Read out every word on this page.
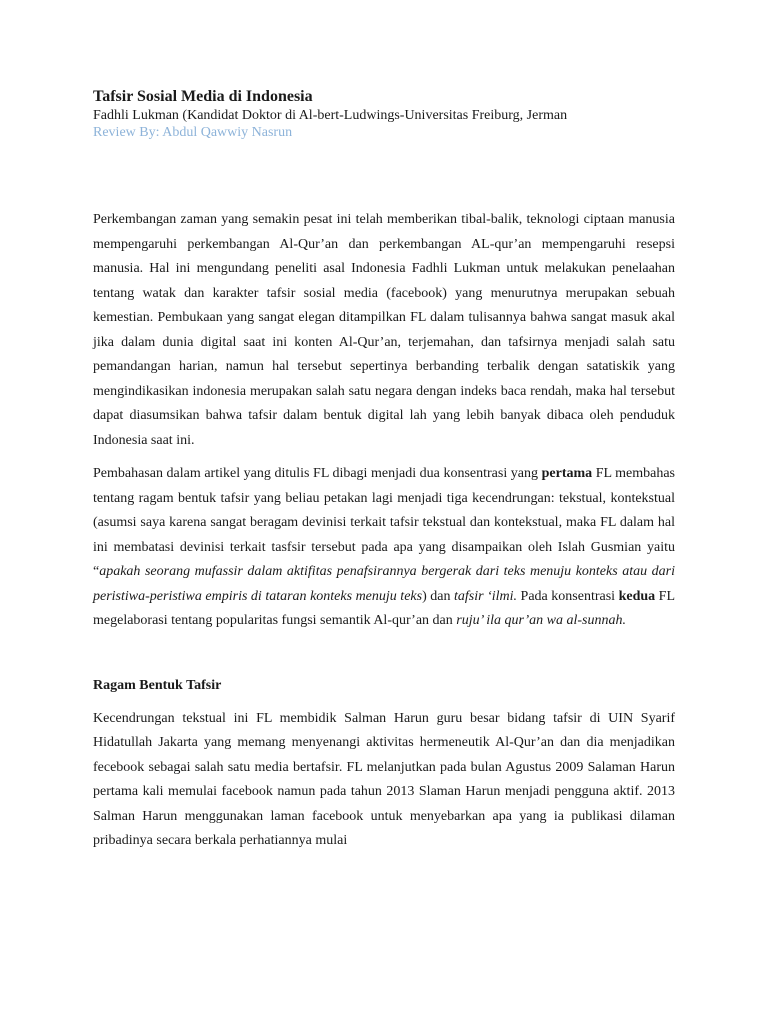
Tafsir Sosial Media di Indonesia

Fadhli Lukman (Kandidat Doktor di Al-bert-Ludwings-Universitas Freiburg, Jerman

Review By: Abdul Qawwiy Nasrun

Perkembangan zaman yang semakin pesat ini telah memberikan tibal-balik, teknologi ciptaan manusia mempengaruhi perkembangan Al-Qur’an dan perkembangan AL-qur’an mempengaruhi resepsi manusia. Hal ini mengundang peneliti asal Indonesia Fadhli Lukman untuk melakukan penelaahan tentang watak dan karakter tafsir sosial media (facebook) yang menurutnya merupakan sebuah kemestian. Pembukaan yang sangat elegan ditampilkan FL dalam tulisannya bahwa sangat masuk akal jika dalam dunia digital saat ini konten Al-Qur’an, terjemahan, dan tafsirnya menjadi salah satu pemandangan harian, namun hal tersebut sepertinya berbanding terbalik dengan satatiskik yang mengindikasikan indonesia merupakan salah satu negara dengan indeks baca rendah, maka hal tersebut dapat diasumsikan bahwa tafsir dalam bentuk digital lah yang lebih banyak dibaca oleh penduduk Indonesia saat ini.

Pembahasan dalam artikel yang ditulis FL dibagi menjadi dua konsentrasi yang pertama FL membahas tentang ragam bentuk tafsir yang beliau petakan lagi menjadi tiga kecendrungan: tekstual, kontekstual (asumsi saya karena sangat beragam devinisi terkait tafsir tekstual dan kontekstual, maka FL dalam hal ini membatasi devinisi terkait tasfsir tersebut pada apa yang disampaikan oleh Islah Gusmian yaitu “apakah seorang mufassir dalam aktifitas penafsirannya bergerak dari teks menuju konteks atau dari peristiwa-peristiwa empiris di tataran konteks menuju teks) dan tafsir ‘ilmi. Pada konsentrasi kedua FL megelaborasi tentang popularitas fungsi semantik Al-qur’an dan ruju’ ila qur’an wa al-sunnah.

Ragam Bentuk Tafsir

Kecendrungan tekstual ini FL membidik Salman Harun guru besar bidang tafsir di UIN Syarif Hidatullah Jakarta yang memang menyenangi aktivitas hermeneutik Al-Qur’an dan dia menjadikan fecebook sebagai salah satu media bertafsir. FL melanjutkan pada bulan Agustus 2009 Salaman Harun pertama kali memulai facebook namun pada tahun 2013 Slaman Harun menjadi pengguna aktif. 2013 Salman Harun menggunakan laman facebook untuk menyebarkan apa yang ia publikasi dilaman pribadinya secara berkala perhatiannya mulai
